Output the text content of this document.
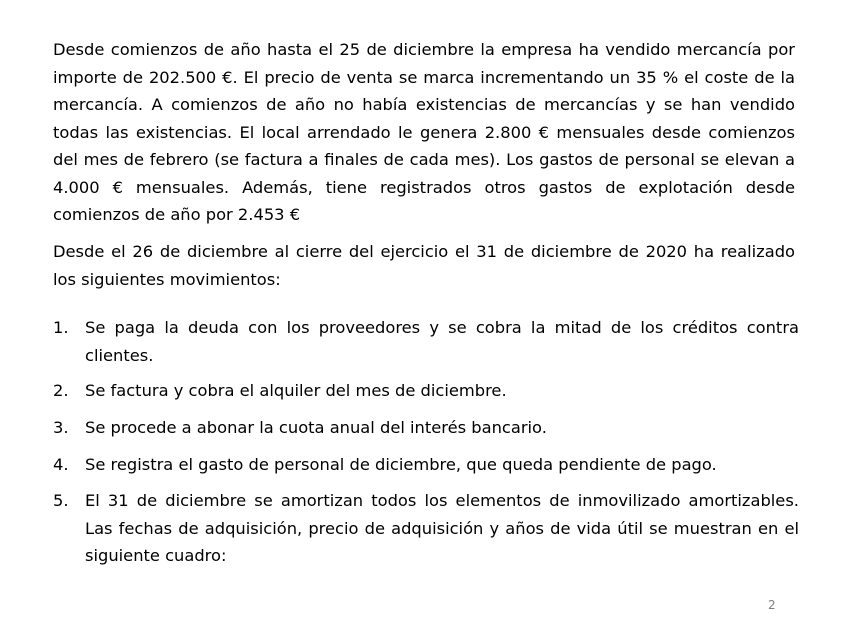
Desde comienzos de año hasta el 25 de diciembre la empresa ha vendido mercancía por importe de 202.500 €. El precio de venta se marca incrementando un 35 % el coste de la mercancía. A comienzos de año no había existencias de mercancías y se han vendido todas las existencias. El local arrendado le genera 2.800 € mensuales desde comienzos del mes de febrero (se factura a finales de cada mes). Los gastos de personal se elevan a 4.000 € mensuales. Además, tiene registrados otros gastos de explotación desde comienzos de año por 2.453 €

Desde el 26 de diciembre al cierre del ejercicio el 31 de diciembre de 2020 ha realizado los siguientes movimientos:

1.	Se paga la deuda con los proveedores y se cobra la mitad de los créditos contra clientes.
2.	Se factura y cobra el alquiler del mes de diciembre.
3.	Se procede a abonar la cuota anual del interés bancario.
4.	Se registra el gasto de personal de diciembre, que queda pendiente de pago.
5.	El 31 de diciembre se amortizan todos los elementos de inmovilizado amortizables. Las fechas de adquisición, precio de adquisición y años de vida útil se muestran en el siguiente cuadro:
2
